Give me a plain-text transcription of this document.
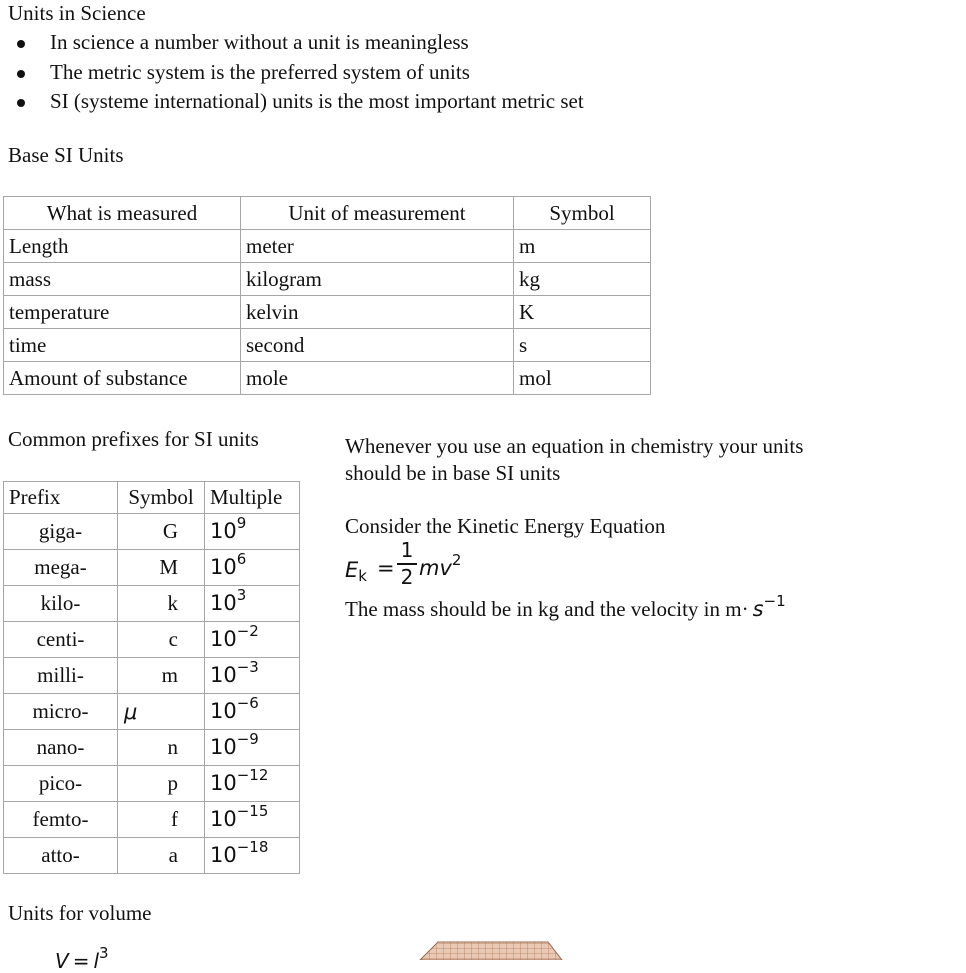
Units in Science
In science a number without a unit is meaningless
The metric system is the preferred system of units
SI (systeme international) units is the most important metric set
Base SI Units
What is measured	Unit of measurement	Symbol
Length	meter	m
mass	kilogram	kg
temperature	kelvin	K
time	second	s
Amount of substance	mole	mol
Common prefixes for SI units
Prefix	Symbol	Multiple
giga-	G	$10^9$
mega-	M	$10^6$
kilo-	k	$10^3$
centi-	c	$10^{-2}$
milli-	m	$10^{-3}$
micro-	μ	$10^{-6}$
nano-	n	$10^{-9}$
pico-	p	$10^{-12}$
femto-	f	$10^{-15}$
atto-	a	$10^{-18}$
Whenever you use an equation in chemistry your units
should be in base SI units
Consider the Kinetic Energy Equation
Ek =
1
2 $mv^2$
The mass should be in kg and the velocity in $m\cdot s^{-1}$
Units for volume
$V = l^3$
